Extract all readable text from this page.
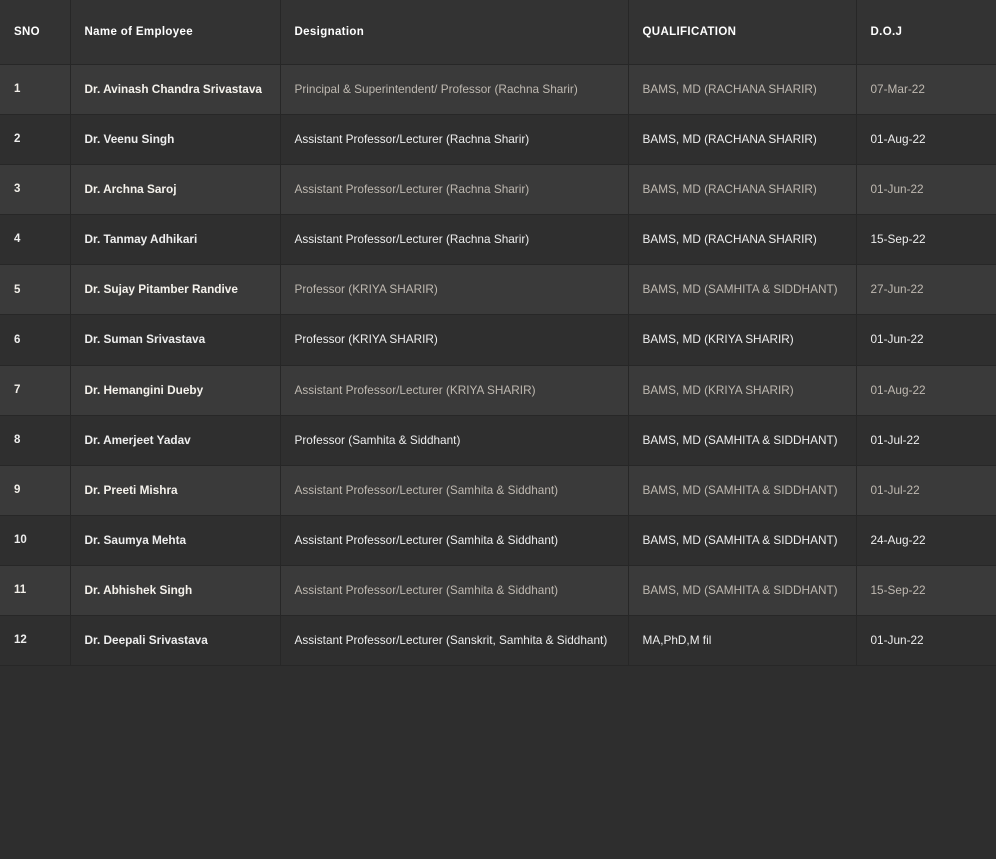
SNO	Name of Employee	Designation	QUALIFICATION	D.O.J
1	Dr. Avinash Chandra Srivastava	Principal & Superintendent/ Professor (Rachna Sharir)	BAMS, MD (RACHANA SHARIR)	07-Mar-22
2	Dr. Veenu Singh	Assistant Professor/Lecturer (Rachna Sharir)	BAMS, MD (RACHANA SHARIR)	01-Aug-22
3	Dr. Archna Saroj	Assistant Professor/Lecturer (Rachna Sharir)	BAMS, MD (RACHANA SHARIR)	01-Jun-22
4	Dr. Tanmay Adhikari	Assistant Professor/Lecturer (Rachna Sharir)	BAMS, MD (RACHANA SHARIR)	15-Sep-22
5	Dr. Sujay Pitamber Randive	Professor (KRIYA SHARIR)	BAMS, MD (SAMHITA & SIDDHANT)	27-Jun-22
6	Dr. Suman Srivastava	Professor (KRIYA SHARIR)	BAMS, MD (KRIYA SHARIR)	01-Jun-22
7	Dr. Hemangini Dueby	Assistant Professor/Lecturer (KRIYA SHARIR)	BAMS, MD (KRIYA SHARIR)	01-Aug-22
8	Dr. Amerjeet Yadav	Professor (Samhita & Siddhant)	BAMS, MD (SAMHITA & SIDDHANT)	01-Jul-22
9	Dr. Preeti Mishra	Assistant Professor/Lecturer (Samhita & Siddhant)	BAMS, MD (SAMHITA & SIDDHANT)	01-Jul-22
10	Dr. Saumya Mehta	Assistant Professor/Lecturer (Samhita & Siddhant)	BAMS, MD (SAMHITA & SIDDHANT)	24-Aug-22
11	Dr. Abhishek Singh	Assistant Professor/Lecturer (Samhita & Siddhant)	BAMS, MD (SAMHITA & SIDDHANT)	15-Sep-22
12	Dr. Deepali Srivastava	Assistant Professor/Lecturer (Sanskrit, Samhita & Siddhant)	MA,PhD,M fil	01-Jun-22
